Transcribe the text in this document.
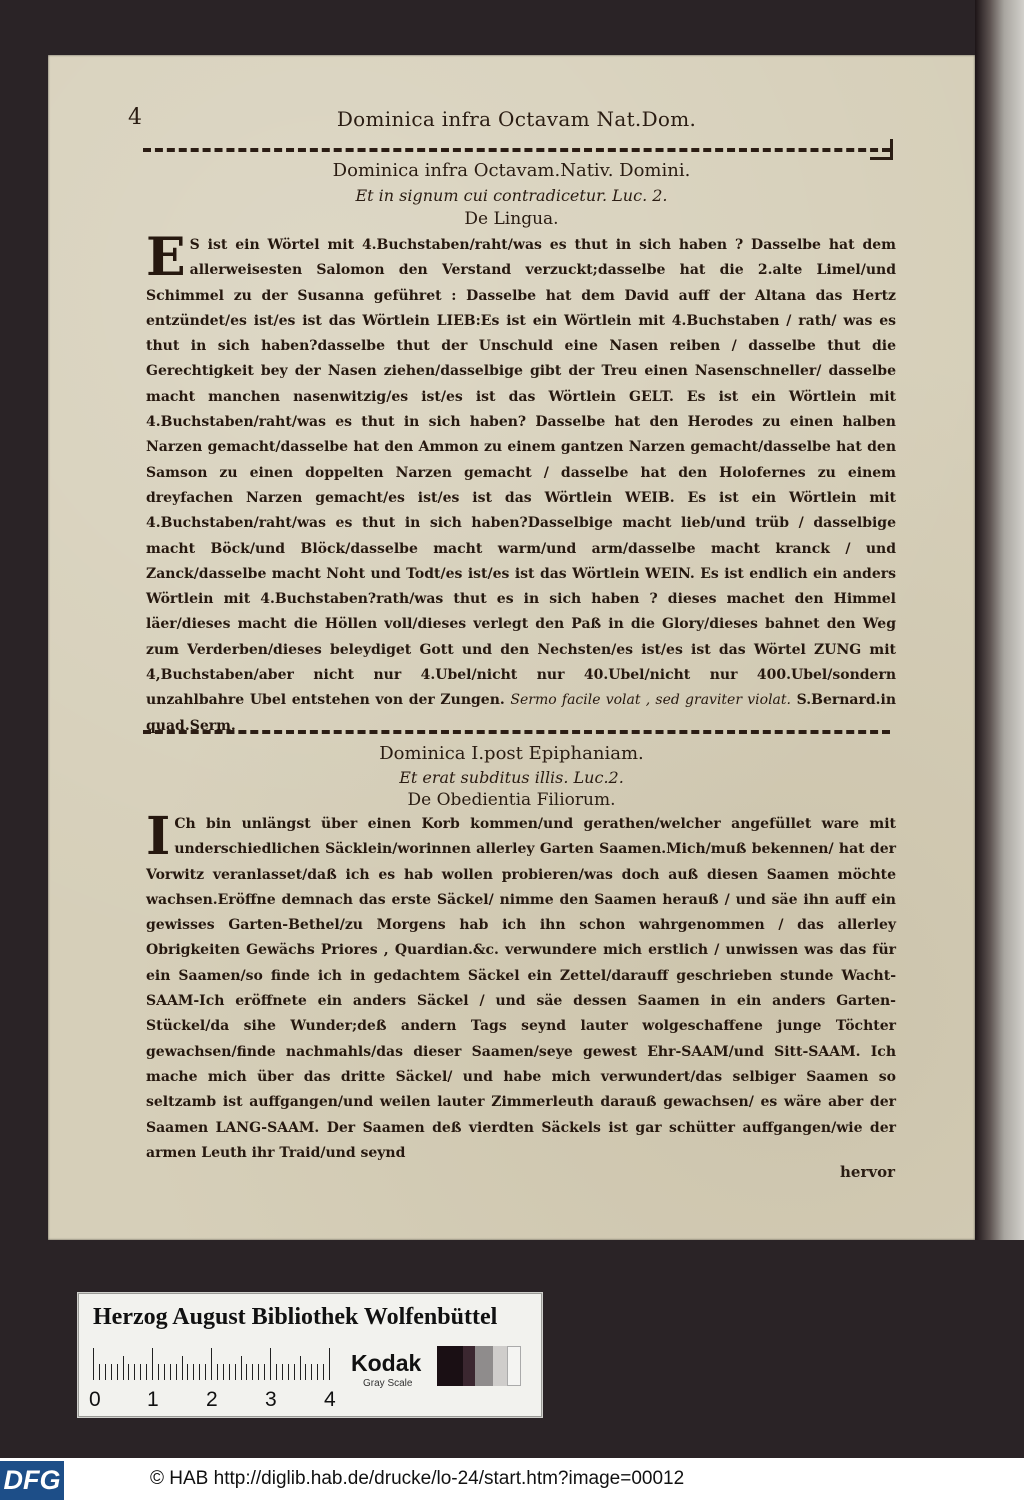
4	Dominica infra Octavam Nat.Dom.
Dominica infra Octavam.Nativ. Domini.
Et in signum cui contradicetur. Luc. 2.
De Lingua.

E S ist ein Wörtel mit 4.Buchstaben/raht/was es thut in sich haben ? Dasselbe hat dem allerweisesten Salomon den Verstand verzuckt;dasselbe hat die 2.alte Limel/und Schimmel zu der Susanna geführet : Dasselbe hat dem David auff der Altana das Hertz entzündet/es ist/es ist das Wörtlein LIEB:Es ist ein Wörtlein mit 4.Buchstaben / rath/ was es thut in sich haben?dasselbe thut der Unschuld eine Nasen reiben / dasselbe thut die Gerechtigkeit bey der Nasen ziehen/dasselbige gibt der Treu einen Nasenschneller/ dasselbe macht manchen nasenwitzig/es ist/es ist das Wörtlein GELT. Es ist ein Wörtlein mit 4.Buchstaben/raht/was es thut in sich haben? Dasselbe hat den Herodes zu einen halben Narzen gemacht/dasselbe hat den Ammon zu einem gantzen Narzen gemacht/dasselbe hat den Samson zu einen doppelten Narzen gemacht / dasselbe hat den Holofernes zu einem dreyfachen Narzen gemacht/es ist/es ist das Wörtlein WEIB. Es ist ein Wörtlein mit 4.Buchstaben/raht/was es thut in sich haben?Dasselbige macht lieb/und trüb / dasselbige macht Böck/und Blöck/dasselbe macht warm/und arm/dasselbe macht kranck / und Zanck/dasselbe macht Noht und Todt/es ist/es ist das Wörtlein WEIN. Es ist endlich ein anders Wörtlein mit 4.Buchstaben?rath/was thut es in sich haben ? dieses machet den Himmel läer/dieses macht die Höllen voll/dieses verlegt den Paß in die Glory/dieses bahnet den Weg zum Verderben/dieses beleydiget Gott und den Nechsten/es ist/es ist das Wörtel ZUNG mit 4,Buchstaben/aber nicht nur 4.Ubel/nicht nur 40.Ubel/nicht nur 400.Ubel/sondern unzahlbahre Ubel entstehen von der Zungen. Sermo facile volat , sed graviter violat. S.Bernard.in quad.Serm.

Dominica I.post Epiphaniam.
Et erat subditus illis. Luc.2.
De Obedientia Filiorum.

I Ch bin unlängst über einen Korb kommen/und gerathen/welcher angefüllet ware mit underschiedlichen Säcklein/worinnen allerley Garten Saamen.Mich/muß bekennen/ hat der Vorwitz veranlasset/daß ich es hab wollen probieren/was doch auß diesen Saamen möchte wachsen.Eröffne demnach das erste Säckel/ nimme den Saamen herauß / und säe ihn auff ein gewisses Garten-Bethel/zu Morgens hab ich ihn schon wahrgenommen / das allerley Obrigkeiten Gewächs Priores , Quardian.&c. verwundere mich erstlich / unwissen was das für ein Saamen/so finde ich in gedachtem Säckel ein Zettel/darauff geschrieben stunde Wacht-SAAM-Ich eröffnete ein anders Säckel / und säe dessen Saamen in ein anders Garten-Stückel/da sihe Wunder;deß andern Tags seynd lauter wolgeschaffene junge Töchter gewachsen/finde nachmahls/das dieser Saamen/seye gewest Ehr-SAAM/und Sitt-SAAM. Ich mache mich über das dritte Säckel/ und habe mich verwundert/das selbiger Saamen so seltzamb ist auffgangen/und weilen lauter Zimmerleuth darauß gewachsen/ es wäre aber der Saamen LANG-SAAM. Der Saamen deß vierdten Säckels ist gar schütter auffgangen/wie der armen Leuth ihr Traid/und seynd

hervor
Herzog August Bibliothek Wolfenbüttel
0 1 2 3 4
Kodak
Gray Scale
DFG	© HAB http://diglib.hab.de/drucke/lo-24/start.htm?image=00012
